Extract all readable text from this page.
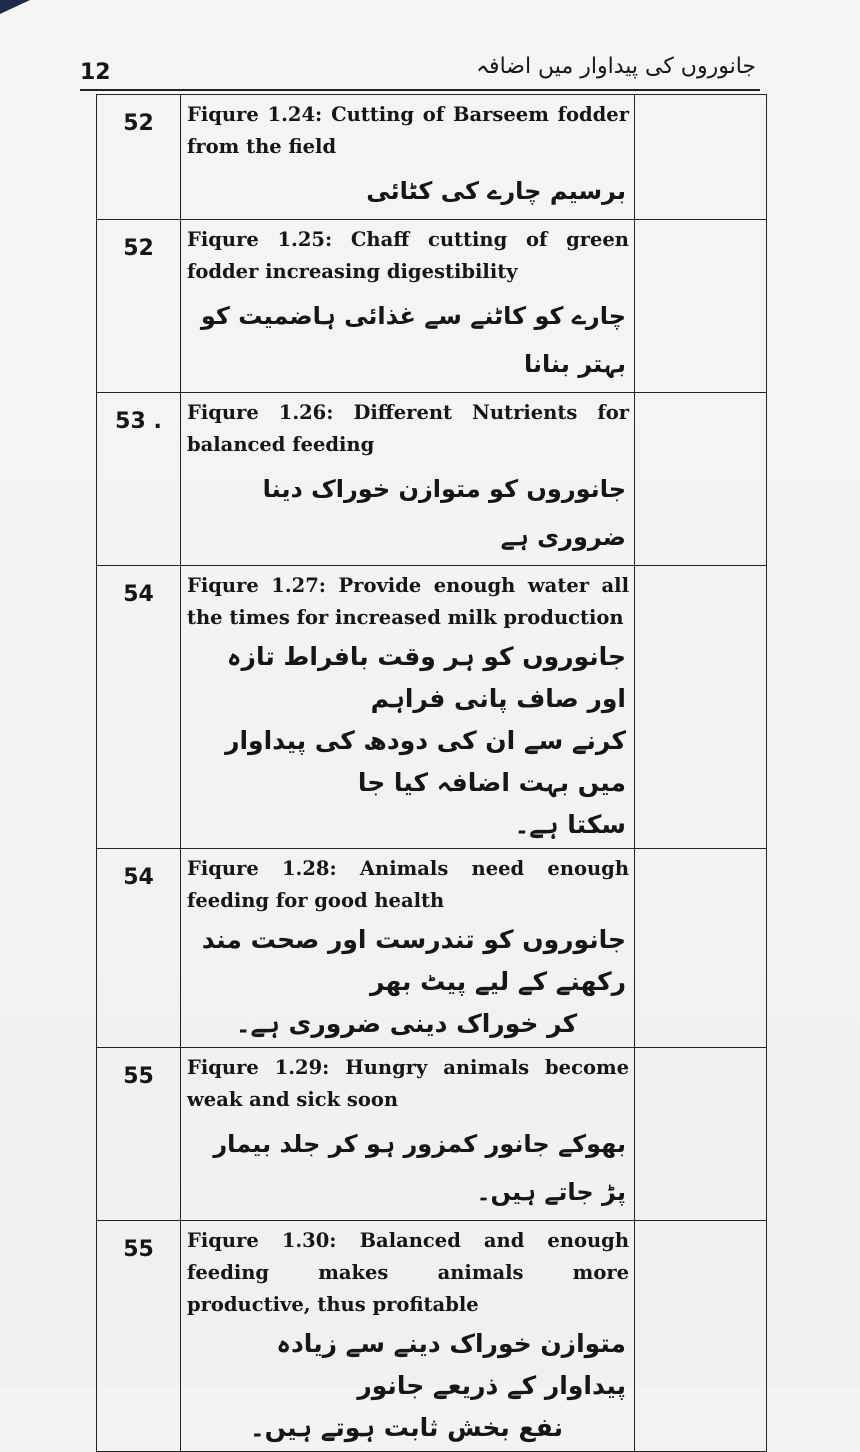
12	جانوروں کی پیداوار میں اضافہ
52	Fiqure 1.24: Cutting of Barseem fodder from the field
برسیم چارے کی کٹائی	

52	Fiqure 1.25: Chaff cutting of green fodder increasing digestibility
چارے کو کاٹنے سے غذائی ہاضمیت کو بہتر بنانا	

53 .	Fiqure 1.26: Different Nutrients for balanced feeding
جانوروں کو متوازن خوراک دینا ضروری ہے	

54	Fiqure 1.27: Provide enough water all the times for increased milk production
جانوروں کو ہر وقت بافراط تازہ اور صاف پانی فراہم
کرنے سے ان کی دودھ کی پیداوار میں بہت اضافہ کیا جا
سکتا ہے۔	

54	Fiqure 1.28: Animals need enough feeding for good health
جانوروں کو تندرست اور صحت مند رکھنے کے لیے پیٹ بھر
کر خوراک دینی ضروری ہے۔	

55	Fiqure 1.29: Hungry animals become weak and sick soon
بھوکے جانور کمزور ہو کر جلد بیمار پڑ جاتے ہیں۔	

55	Fiqure 1.30: Balanced and enough feeding makes animals more productive, thus profitable
متوازن خوراک دینے سے زیادہ پیداوار کے ذریعے جانور
نفع بخش ثابت ہوتے ہیں۔	
